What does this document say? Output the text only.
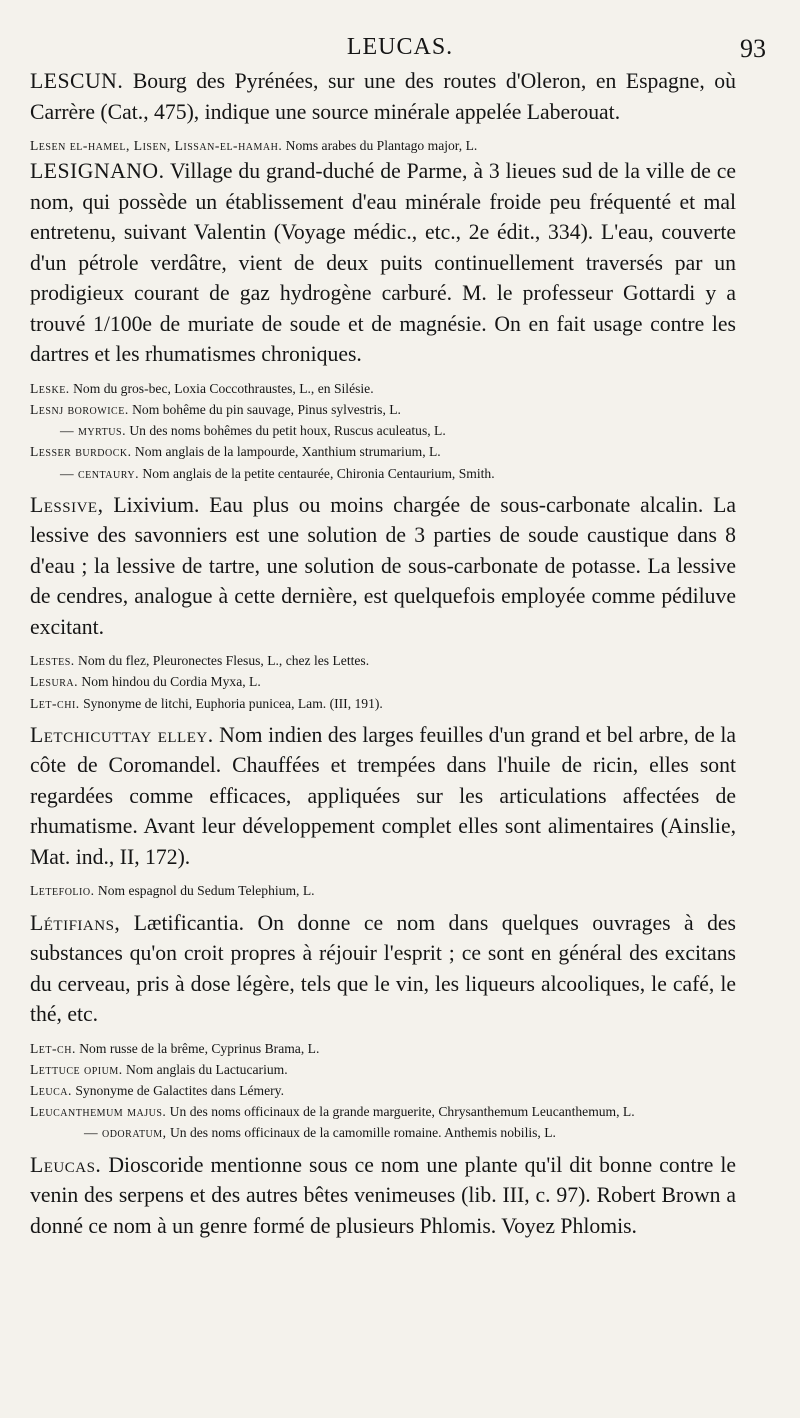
LEUCAS.	93

LESCUN. Bourg des Pyrénées, sur une des routes d'Oleron, en Espagne, où Carrère (Cat., 475), indique une source minérale appelée Laberouat.

Lesen el-hamel, Lisen, Lissan-el-hamah. Noms arabes du Plantago major, L.

LESIGNANO. Village du grand-duché de Parme, à 3 lieues sud de la ville de ce nom, qui possède un établissement d'eau minérale froide peu fréquenté et mal entretenu, suivant Valentin (Voyage médic., etc., 2e édit., 334). L'eau, couverte d'un pétrole verdâtre, vient de deux puits continuellement traversés par un prodigieux courant de gaz hydrogène carburé. M. le professeur Gottardi y a trouvé 1/100e de muriate de soude et de magnésie. On en fait usage contre les dartres et les rhumatismes chroniques.

Leske. Nom du gros-bec, Loxia Coccothraustes, L., en Silésie.

Lesnj borowice. Nom bohême du pin sauvage, Pinus sylvestris, L.

— myrtus. Un des noms bohêmes du petit houx, Ruscus aculeatus, L.

Lesser burdock. Nom anglais de la lampourde, Xanthium strumarium, L.

— centaury. Nom anglais de la petite centaurée, Chironia Centaurium, Smith.

Lessive, Lixivium. Eau plus ou moins chargée de sous-carbonate alcalin. La lessive des savonniers est une solution de 3 parties de soude caustique dans 8 d'eau ; la lessive de tartre, une solution de sous-carbonate de potasse. La lessive de cendres, analogue à cette dernière, est quelquefois employée comme pédiluve excitant.

Lestes. Nom du flez, Pleuronectes Flesus, L., chez les Lettes.

Lesura. Nom hindou du Cordia Myxa, L.

Let-chi. Synonyme de litchi, Euphoria punicea, Lam. (III, 191).

Letchicuttay elley. Nom indien des larges feuilles d'un grand et bel arbre, de la côte de Coromandel. Chauffées et trempées dans l'huile de ricin, elles sont regardées comme efficaces, appliquées sur les articulations affectées de rhumatisme. Avant leur développement complet elles sont alimentaires (Ainslie, Mat. ind., II, 172).

Letefolio. Nom espagnol du Sedum Telephium, L.

Létifians, Lætificantia. On donne ce nom dans quelques ouvrages à des substances qu'on croit propres à réjouir l'esprit ; ce sont en général des excitans du cerveau, pris à dose légère, tels que le vin, les liqueurs alcooliques, le café, le thé, etc.

Let-ch. Nom russe de la brême, Cyprinus Brama, L.

Lettuce opium. Nom anglais du Lactucarium.

Leuca. Synonyme de Galactites dans Lémery.

Leucanthemum majus. Un des noms officinaux de la grande marguerite, Chrysanthemum Leucanthemum, L.

— odoratum, Un des noms officinaux de la camomille romaine. Anthemis nobilis, L.

Leucas. Dioscoride mentionne sous ce nom une plante qu'il dit bonne contre le venin des serpens et des autres bêtes venimeuses (lib. III, c. 97). Robert Brown a donné ce nom à un genre formé de plusieurs Phlomis. Voyez Phlomis.
